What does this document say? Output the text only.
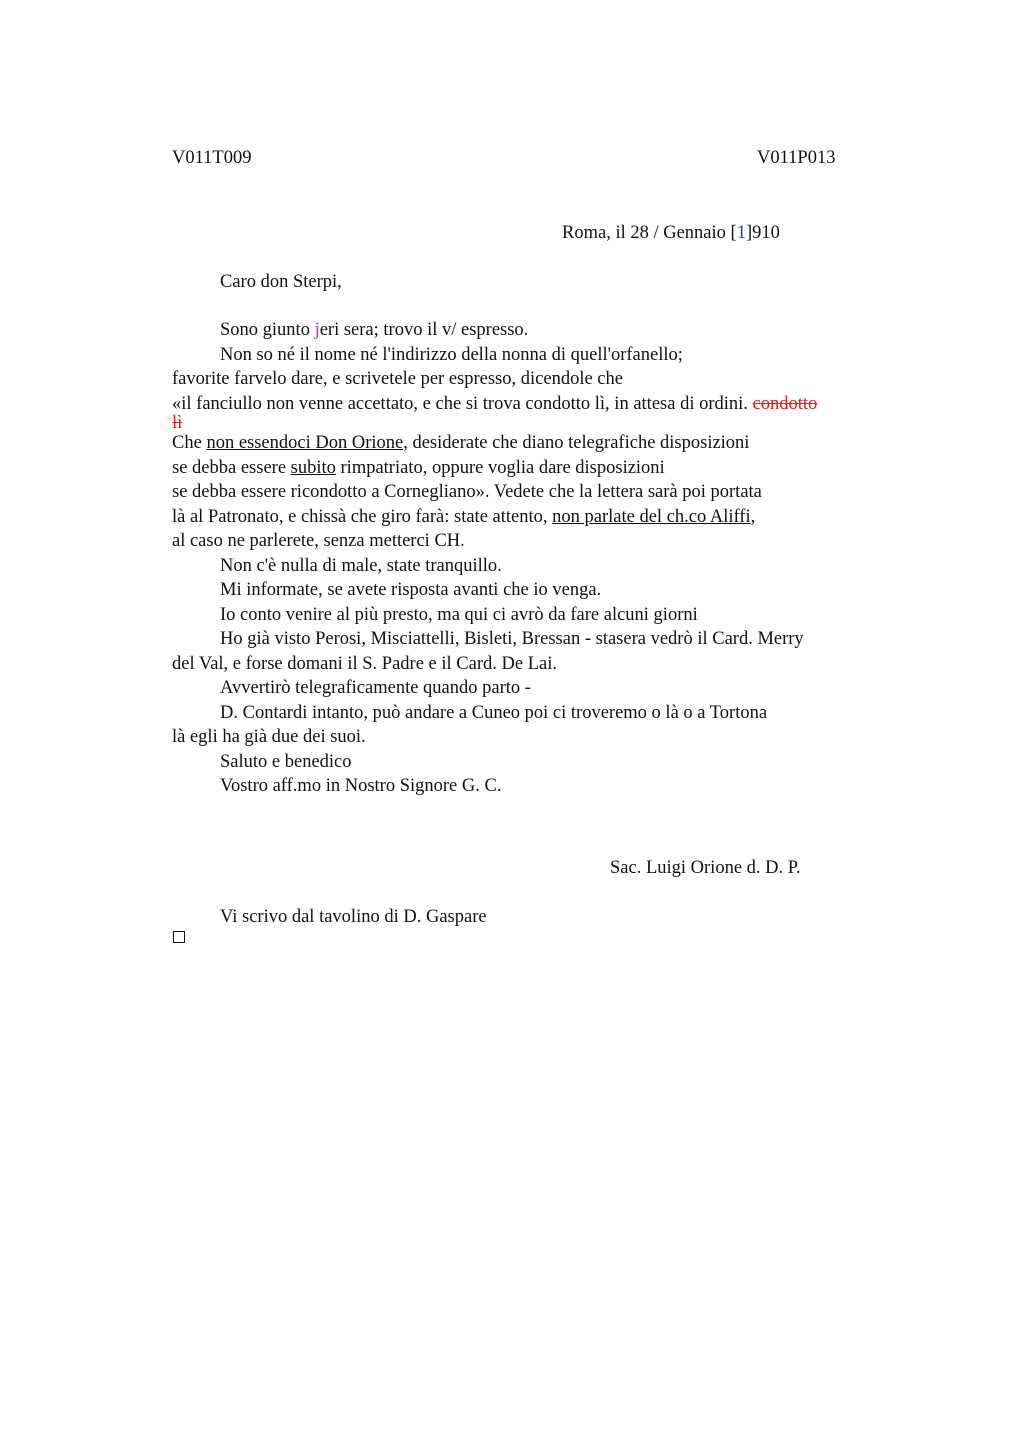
V011T009	V011P013
Roma, il 28 / Gennaio [1]910
Caro don Sterpi,
Sono giunto jeri sera; trovo il v/ espresso.
Non so né il nome né l'indirizzo della nonna di quell'orfanello;
favorite farvelo dare, e scrivetele per espresso, dicendole che
«il fanciullo non venne accettato, e che si trova condotto lì, in attesa di ordini. condotto
lì
Che non essendoci Don Orione, desiderate che diano telegrafiche disposizioni
se debba essere subito rimpatriato, oppure voglia dare disposizioni
se debba essere ricondotto a Cornegliano». Vedete che la lettera sarà poi portata
là al Patronato, e chissà che giro farà: state attento, non parlate del ch.co Aliffi,
al caso ne parlerete, senza metterci CH.
Non c'è nulla di male, state tranquillo.
Mi informate, se avete risposta avanti che io venga.
Io conto venire al più presto, ma qui ci avrò da fare alcuni giorni
Ho già visto Perosi, Misciattelli, Bisleti, Bressan - stasera vedrò il Card. Merry
del Val, e forse domani il S. Padre e il Card. De Lai.
Avvertirò telegraficamente quando parto -
D. Contardi intanto, può andare a Cuneo poi ci troveremo o là o a Tortona
là egli ha già due dei suoi.
Saluto e benedico
Vostro aff.mo in Nostro Signore G. C.
Sac. Luigi Orione d. D. P.
Vi scrivo dal tavolino di D. Gaspare
